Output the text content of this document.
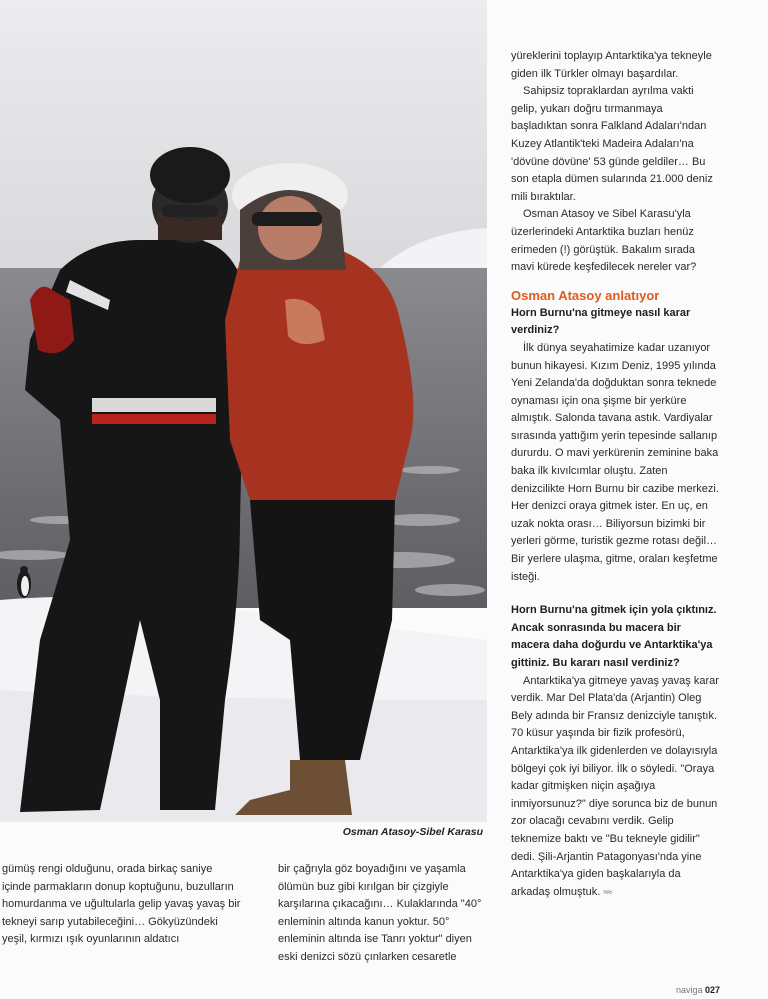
Osman Atasoy-Sibel Karasu

yüreklerini toplayıp Antarktika'ya tekneyle giden ilk Türkler olmayı başardılar.

Sahipsiz topraklardan ayrılma vakti gelip, yukarı doğru tırmanmaya başladıktan sonra Falkland Adaları'ndan Kuzey Atlantik'teki Madeira Adaları'na 'dövüne dövüne' 53 günde geldiler… Bu son etapla dümen sularında 21.000 deniz mili bıraktılar.

Osman Atasoy ve Sibel Karasu'yla üzerlerindeki Antarktika buzları henüz erimeden (!) görüştük. Bakalım sırada mavi kürede keşfedilecek nereler var?

Osman Atasoy anlatıyor

Horn Burnu'na gitmeye nasıl karar verdiniz?

İlk dünya seyahatimize kadar uzanıyor bunun hikayesi. Kızım Deniz, 1995 yılında Yeni Zelanda'da doğduktan sonra teknede oynaması için ona şişme bir yerküre almıştık. Salonda tavana astık. Vardiyalar sırasında yattığım yerin tepesinde sallanıp dururdu. O mavi yerkürenin zeminine baka baka ilk kıvılcımlar oluştu. Zaten denizcilikte Horn Burnu bir cazibe merkezi. Her denizci oraya gitmek ister. En uç, en uzak nokta orası… Biliyorsun bizimki bir yerleri görme, turistik gezme rotası değil… Bir yerlere ulaşma, gitme, oraları keşfetme isteği.

Horn Burnu'na gitmek için yola çıktınız. Ancak sonrasında bu macera bir macera daha doğurdu ve Antarktika'ya gittiniz. Bu kararı nasıl verdiniz?

Antarktika'ya gitmeye yavaş yavaş karar verdik. Mar Del Plata'da (Arjantin) Oleg Bely adında bir Fransız denizciyle tanıştık. 70 küsur yaşında bir fizik profesörü, Antarktika'ya ilk gidenlerden ve dolayısıyla bölgeyi çok iyi biliyor. İlk o söyledi. "Oraya kadar gitmişken niçin aşağıya inmiyorsunuz?" diye sorunca biz de bunun zor olacağı cevabını verdik. Gelip teknemize baktı ve "Bu tekneyle gidilir" dedi. Şili-Arjantin Patagonyası'nda yine Antarktika'ya giden başkalarıyla da arkadaş olmuştuk. ≈≈

gümüş rengi olduğunu, orada birkaç saniye içinde parmakların donup koptuğunu, buzulların homurdanma ve uğultularla gelip yavaş yavaş bir tekneyi sarıp yutabileceğini… Gökyüzündeki yeşil, kırmızı ışık oyunlarının aldatıcı

bir çağrıyla göz boyadığını ve yaşamla ölümün buz gibi kırılgan bir çizgiyle karşılarına çıkacağını… Kulaklarında "40° enleminin altında kanun yoktur. 50° enleminin altında ise Tanrı yoktur" diyen eski denizci sözü çınlarken cesaretle

naviga 027
